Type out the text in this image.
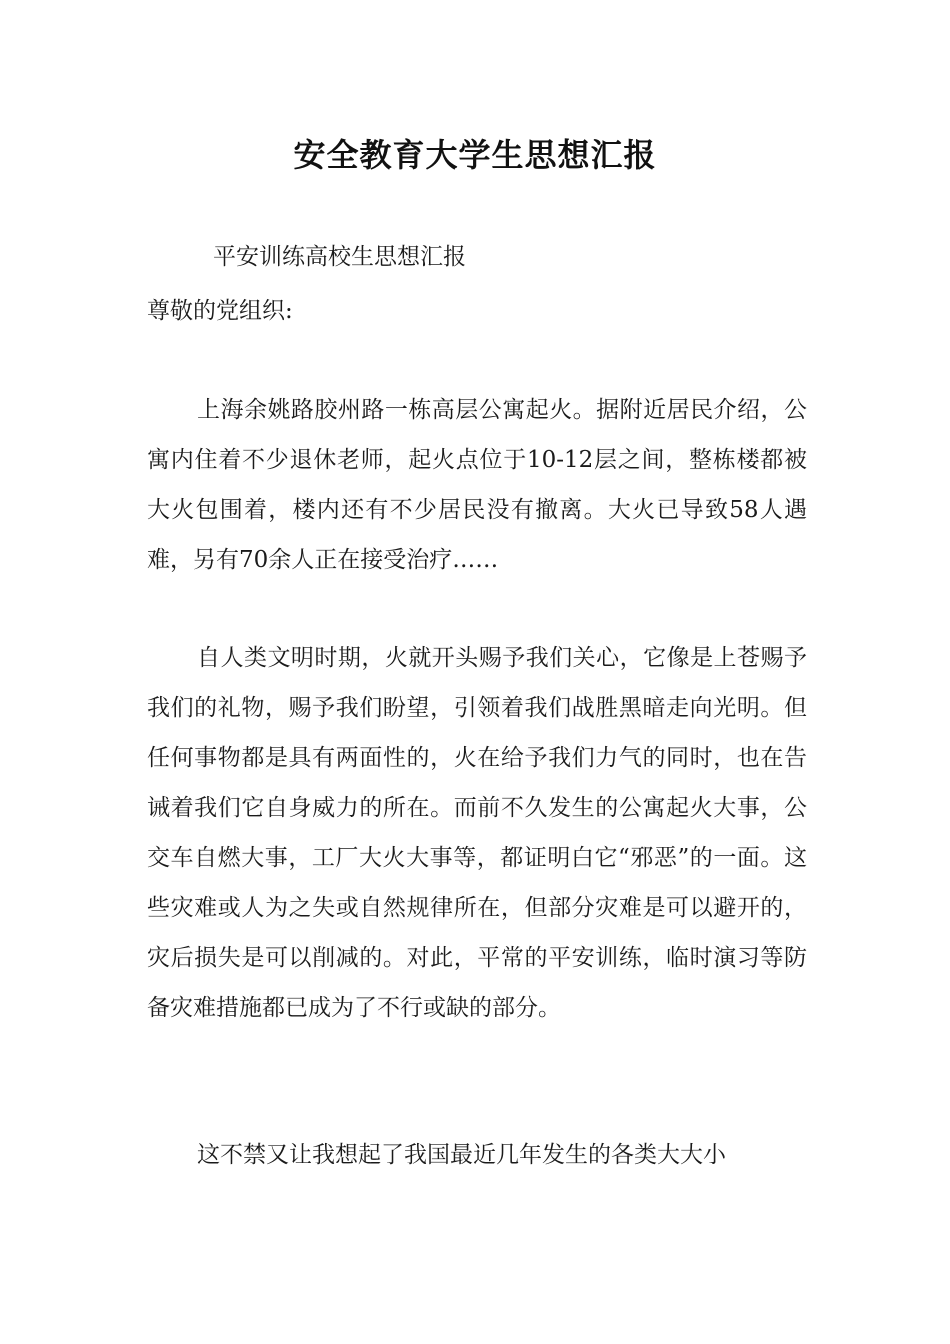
安全教育大学生思想汇报

平安训练高校生思想汇报

尊敬的党组织:

上海余姚路胶州路一栋高层公寓起火。据附近居民介绍，公寓内住着不少退休老师，起火点位于10-12层之间，整栋楼都被大火包围着，楼内还有不少居民没有撤离。大火已导致58人遇难，另有70余人正在接受治疗……

自人类文明时期，火就开头赐予我们关心，它像是上苍赐予我们的礼物，赐予我们盼望，引领着我们战胜黑暗走向光明。但任何事物都是具有两面性的，火在给予我们力气的同时，也在告诫着我们它自身威力的所在。而前不久发生的公寓起火大事，公交车自燃大事，工厂大火大事等，都证明白它“邪恶”的一面。这些灾难或人为之失或自然规律所在，但部分灾难是可以避开的，灾后损失是可以削减的。对此，平常的平安训练，临时演习等防备灾难措施都已成为了不行或缺的部分。

这不禁又让我想起了我国最近几年发生的各类大大小
